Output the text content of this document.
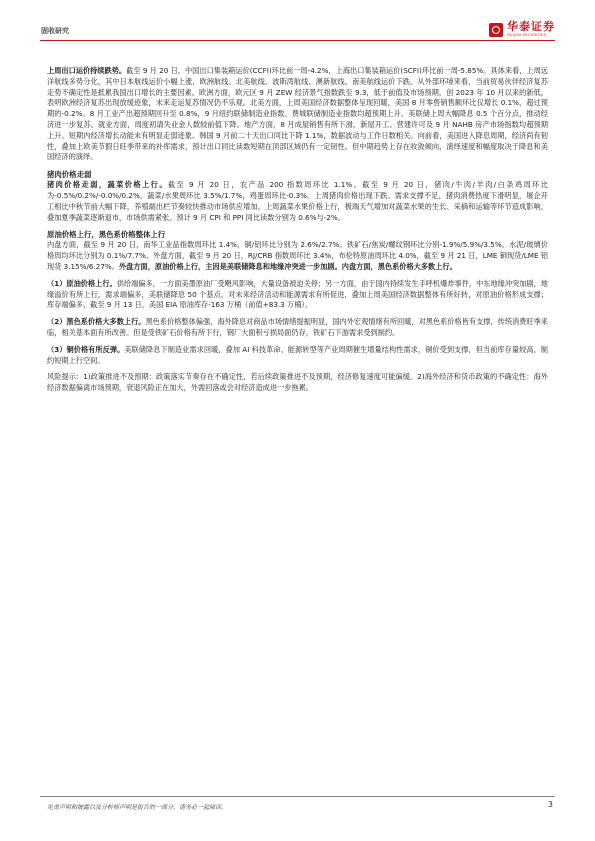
固收研究	华泰证券
HUATAI SECURITIES

上周出口运价持续跌势。截至 9 月 20 日，中国出口集装箱运价(CCFI)环比前一周-4.2%，上海出口集装箱运价(SCFI)环比前一周-5.85%。具体来看，上周远洋航线多势分化，其中日本航线运价小幅上涨，欧洲航线、北美航线、波斯湾航线、澳新航线、南美航线运价下跌。从外部环境来看，当前贸易伙伴经济复苏走势不确定性是抵累我国出口增长的主要因素。欧洲方面，欧元区 9 月 ZEW 经济景气指数跌至 9.3，低于前值及市场预期，创 2023 年 10 月以来的新低，表明欧洲经济复苏出现放缓迹象，未来走运复苏情况仍不乐观。北美方面，上周美国经济数据整体呈现回暖，美国 8 月零售销售额环比仅增长 0.1%，超过预期的-0.2%。8 月工业产出超预期回升至 0.8%，9 月纽约联储制造业指数、费城联储制造业指数均超预期上升。美联储上周大幅降息 0.5 个百分点，推动经济进一步复苏。就业方面，周度初请失业金人数较前值下降。地产方面，8 月成屋销售有所下滑，新屋开工、营建许可及 9 月 NAHB 房产市场指数均超预期上升。短期内经济增长动能未有明显走弱迹象。韩国 9 月前二十天出口同比下降 1.1%，数据波动与工作日数相关。向前看，美国进入降息周期，经济尚有韧性，叠加上欧美节假日旺季带来的补库需求，预计出口同比读数短期在顶部区域仍有一定韧性。但中期趋势上存在收敛倾向，演绎速度和幅度取决于降息和美国经济的演绎。

猪肉价格走弱

猪肉价格走弱，蔬菜价格上行。截至 9 月 20 日，农产品 200 指数周环比 1.1%。截至 9 月 20 日，猪肉/牛肉/羊肉/白条鸡周环比为-0.5%/0.2%/-0.0%/0.2%，蔬菜/水果周环比 3.5%/1.7%，鸡蛋周环比-0.3%。上周猪肉价格出现下跌。需求支撑不足，猪肉消费热度下滑明显，屠企开工相比中秋节前大幅下降，养殖端出栏节奏较快推动市场供应增加。上周蔬菜水果价格上行，极端天气增加对蔬菜水果的生长、采摘和运输等环节造成影响，叠加夏季蔬菜逐渐退市，市场供需紧张。预计 9 月 CPI 和 PPI 同比读数分别为 0.6%与-2%。

原油价格上行，黑色系价格整体上行

内盘方面，截至 9 月 20 日，南华工业品指数周环比 1.4%，铜/铝环比分别为 2.6%/2.7%。铁矿石/焦炭/螺纹钢环比分别-1.9%/5.9%/3.5%。水泥/玻璃价格周均环比分别为 0.1%/7.7%。外盘方面，截至 9 月 20 日，RJ/CRB 指数周环比 3.4%，布伦特原油周环比 4.0%，截至 9 月 21 日，LME 铜现货/LME 铝现货 3.15%/6.27%。外盘方面，原油价格上行，主因是美联储降息和地缘冲突进一步加剧。内盘方面，黑色系价格大多数上行。

（1）原油价格上行。供给端偏多，一方面美墨原油厂受飓风影响，大量设备被迫关停；另一方面，由于国内持续发生手呼机爆炸事件，中东地缘冲突加剧，地缘溢价有所上行。需求端偏多，美联储降息 50 个基点，对未来经济活动和能源需求有所促进，叠加上周美国经济数据整体有所好转，对原油价格形成支撑；库存端偏多，截至 9 月 13 日，美国 EIA 原油库存-163 万桶（前值+83.3 万桶）。

（2）黑色系价格大多数上行。黑色系价格整体偏强，海外降息对商品市场情绪提振明显，国内外宏观情绪有所回暖，对黑色系价格皆有支撑，传统消费旺季来临，相关基本面有所改善。但是受铁矿石价格有所下行，钢厂大面积亏损局面仍存，铁矿石下游需求受到制约。

（3）铜价格有所反弹。美联储降息下制造业需求回暖，叠加 AI 科技革命、能源转型等产业周期催生增量结构性需求，铜价受到支撑，但当前库存量较高，制约短期上行空间。

风险提示：1)政策推进不及预期：政策落实节奏存在不确定性，若后续政策推进不及预期，经济修复速度可能偏缓。2)海外经济和货币政策的不确定性：海外经济数据偏离市场预期，衰退风险正在加大，外需回落或会对经济造成进一步拖累。

免责声明和披露以及分析师声明是报告的一部分，请务必一起阅读。	3
